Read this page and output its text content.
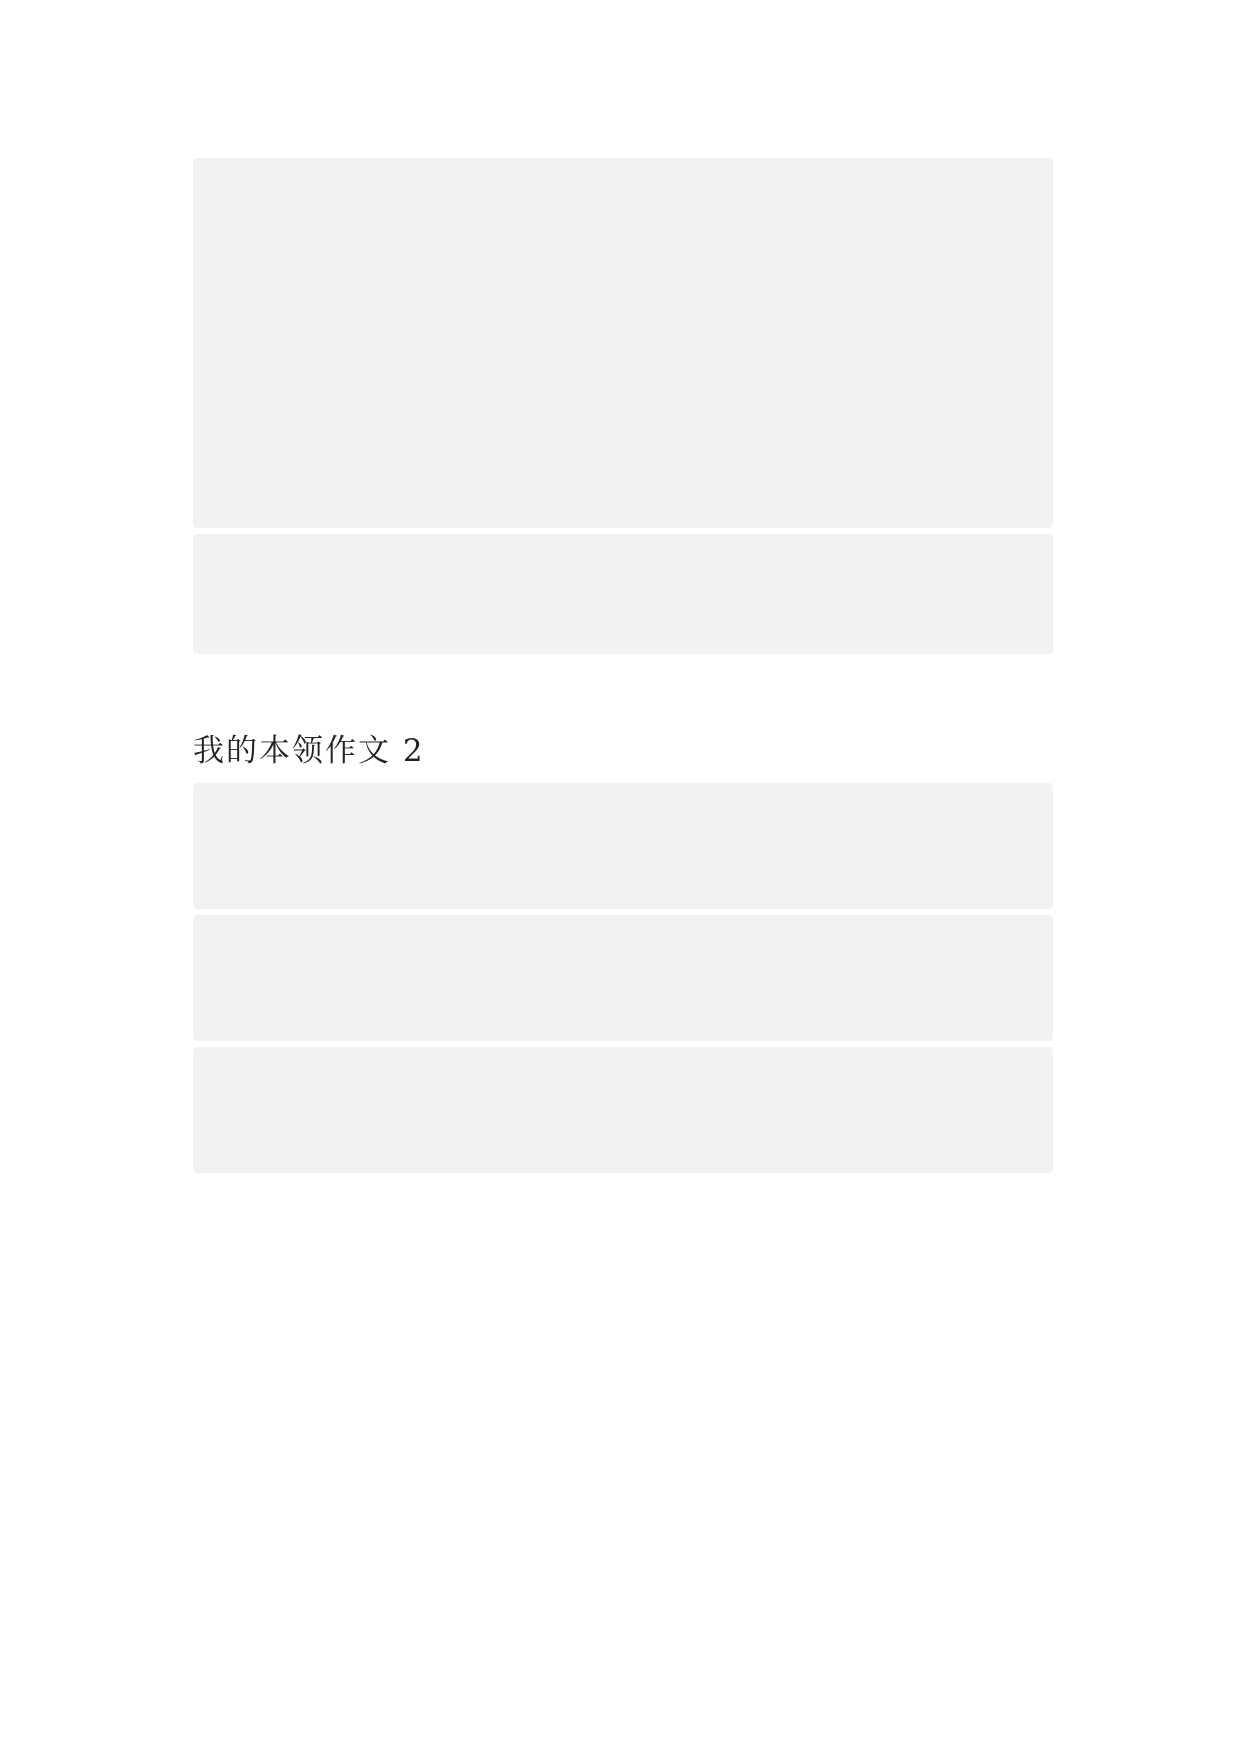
我的本领作文 2
